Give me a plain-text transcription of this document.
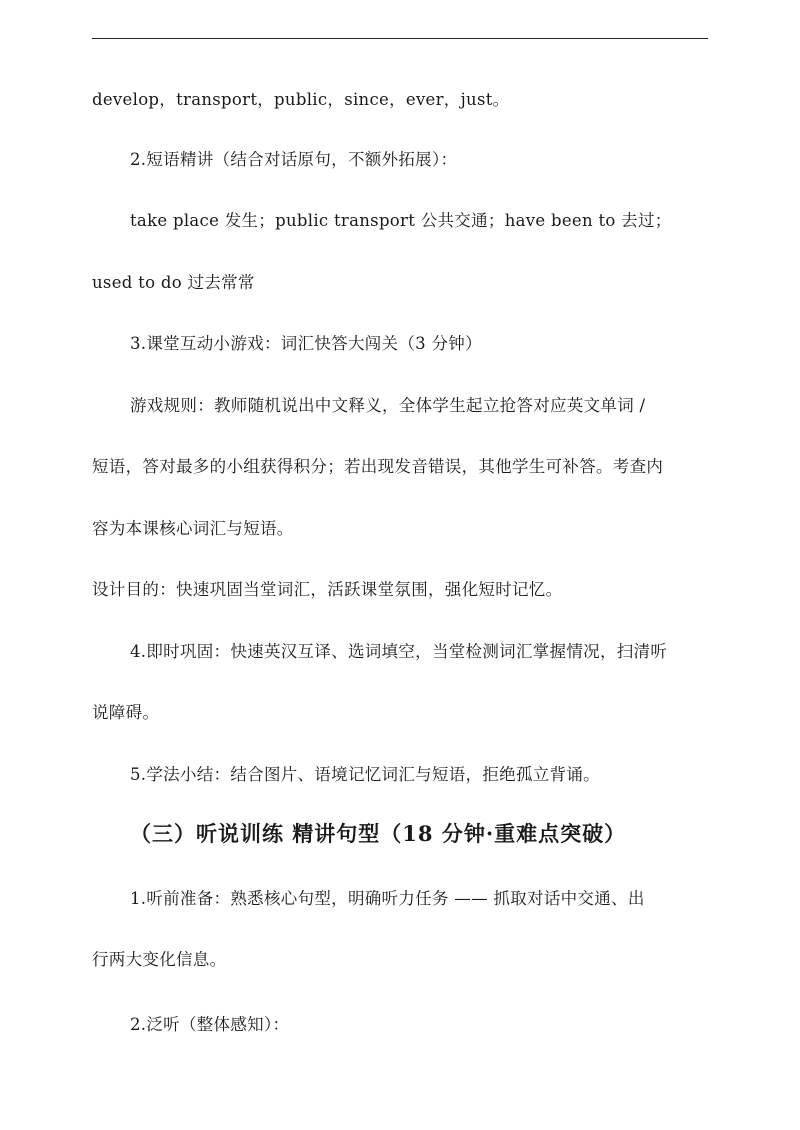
develop，transport，public，since，ever，just。
2.短语精讲（结合对话原句，不额外拓展）：
take place 发生；public transport 公共交通；have been to 去过；
used to do 过去常常
3.课堂互动小游戏：词汇快答大闯关（3 分钟）
游戏规则：教师随机说出中文释义，全体学生起立抢答对应英文单词 /
短语，答对最多的小组获得积分；若出现发音错误，其他学生可补答。考查内
容为本课核心词汇与短语。
设计目的：快速巩固当堂词汇，活跃课堂氛围，强化短时记忆。
4.即时巩固：快速英汉互译、选词填空，当堂检测词汇掌握情况，扫清听
说障碍。
5.学法小结：结合图片、语境记忆词汇与短语，拒绝孤立背诵。
（三）听说训练 精讲句型（18 分钟·重难点突破）
1.听前准备：熟悉核心句型，明确听力任务 —— 抓取对话中交通、出
行两大变化信息。
2.泛听（整体感知）：
